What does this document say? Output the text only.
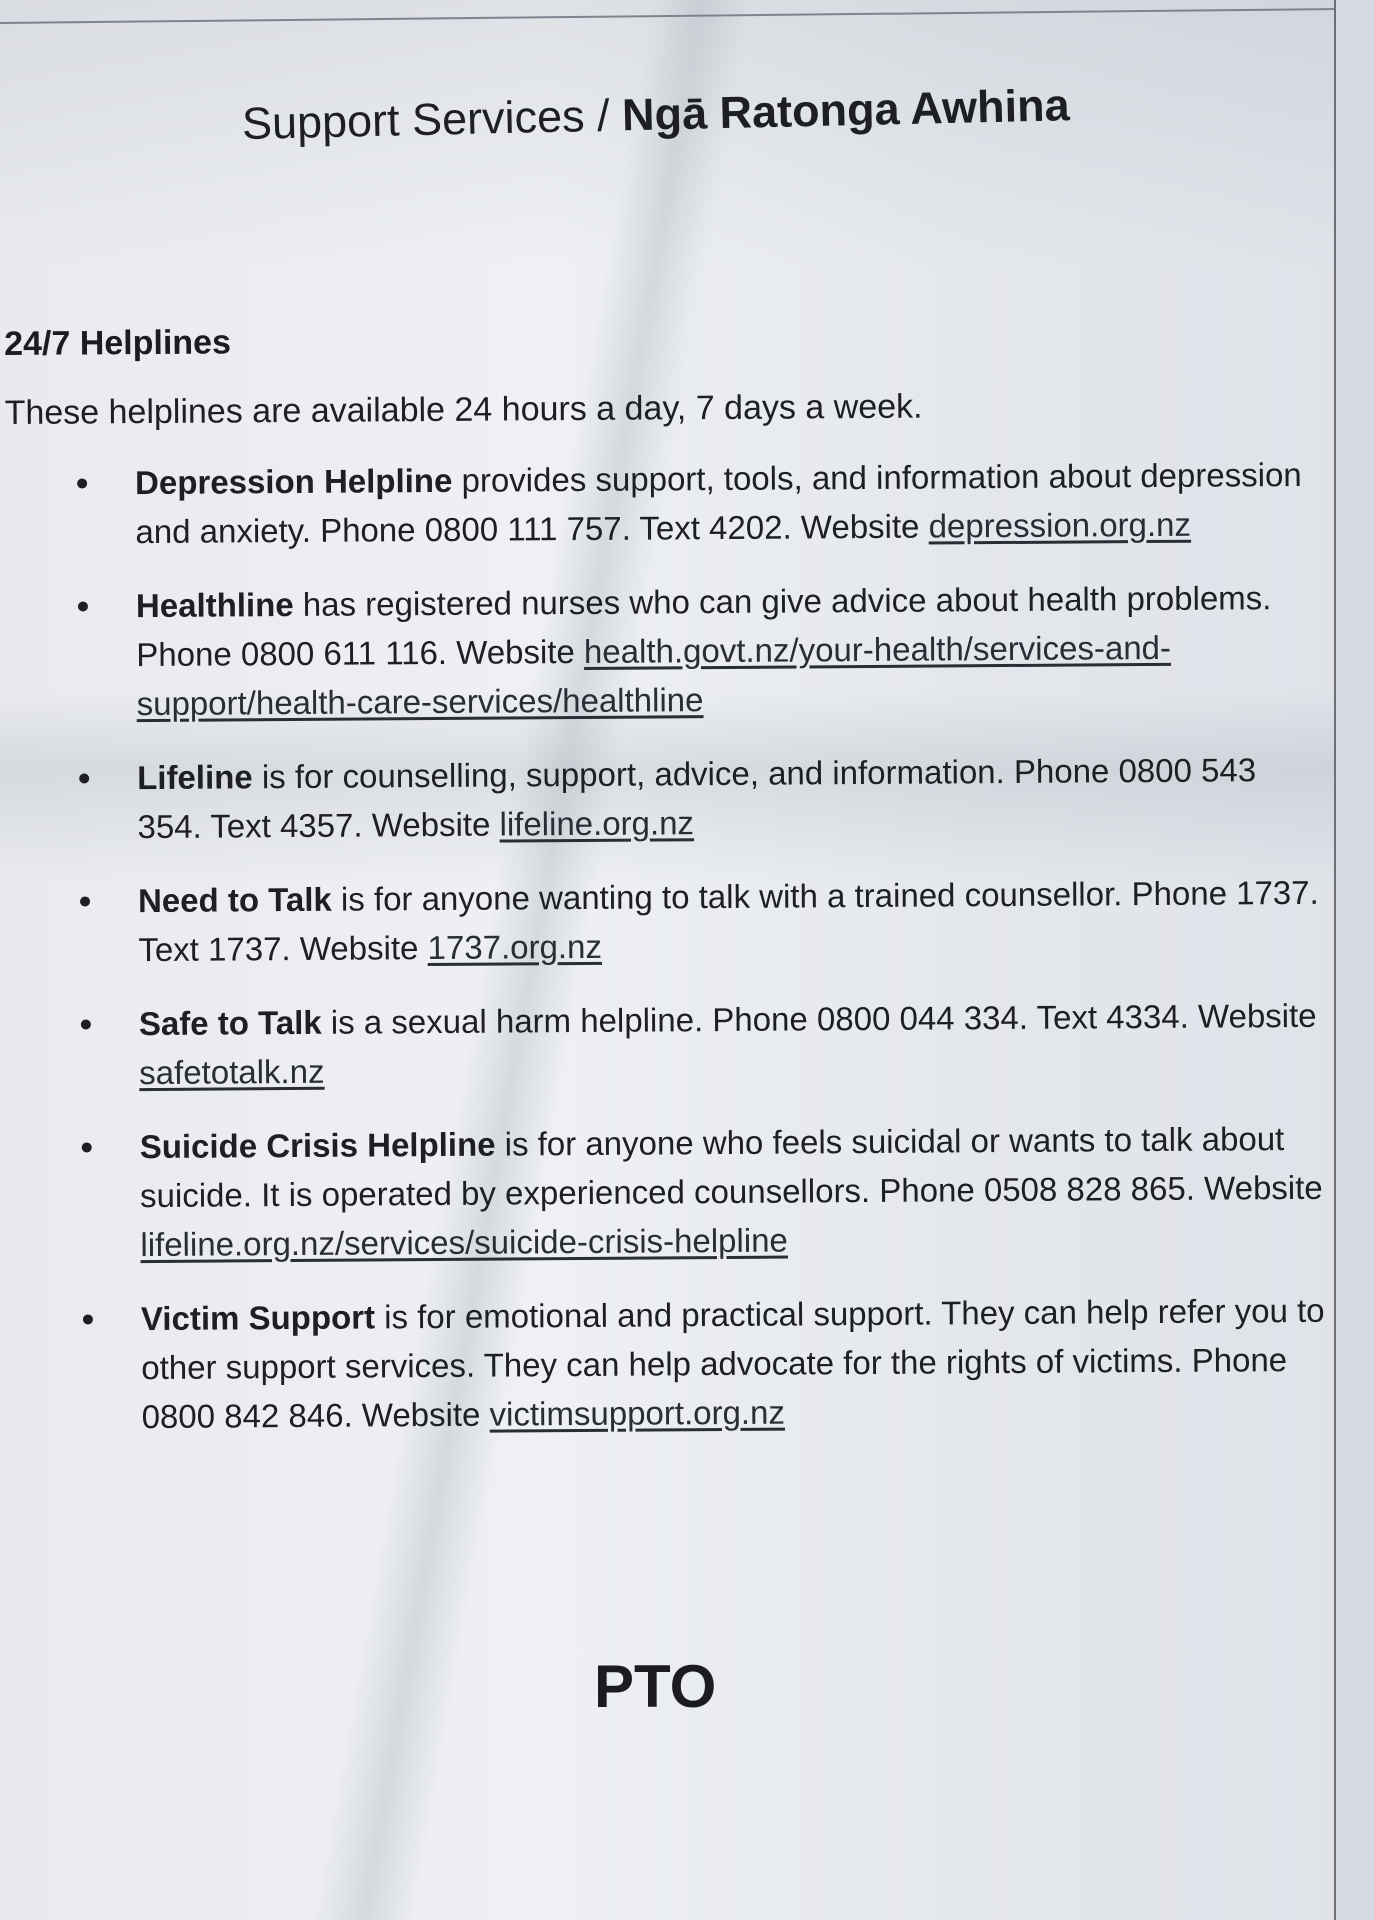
Support Services / Ngā Ratonga Awhina
24/7 Helplines
These helplines are available 24 hours a day, 7 days a week.
Depression Helpline provides support, tools, and information about depression and anxiety. Phone 0800 111 757. Text 4202. Website depression.org.nz
Healthline has registered nurses who can give advice about health problems. Phone 0800 611 116. Website health.govt.nz/your-health/services-and-support/health-care-services/healthline
Lifeline is for counselling, support, advice, and information. Phone 0800 543 354. Text 4357. Website lifeline.org.nz
Need to Talk is for anyone wanting to talk with a trained counsellor. Phone 1737. Text 1737. Website 1737.org.nz
Safe to Talk is a sexual harm helpline. Phone 0800 044 334. Text 4334. Website safetotalk.nz
Suicide Crisis Helpline is for anyone who feels suicidal or wants to talk about suicide. It is operated by experienced counsellors. Phone 0508 828 865. Website lifeline.org.nz/services/suicide-crisis-helpline
Victim Support is for emotional and practical support. They can help refer you to other support services. They can help advocate for the rights of victims. Phone 0800 842 846. Website victimsupport.org.nz
PTO
